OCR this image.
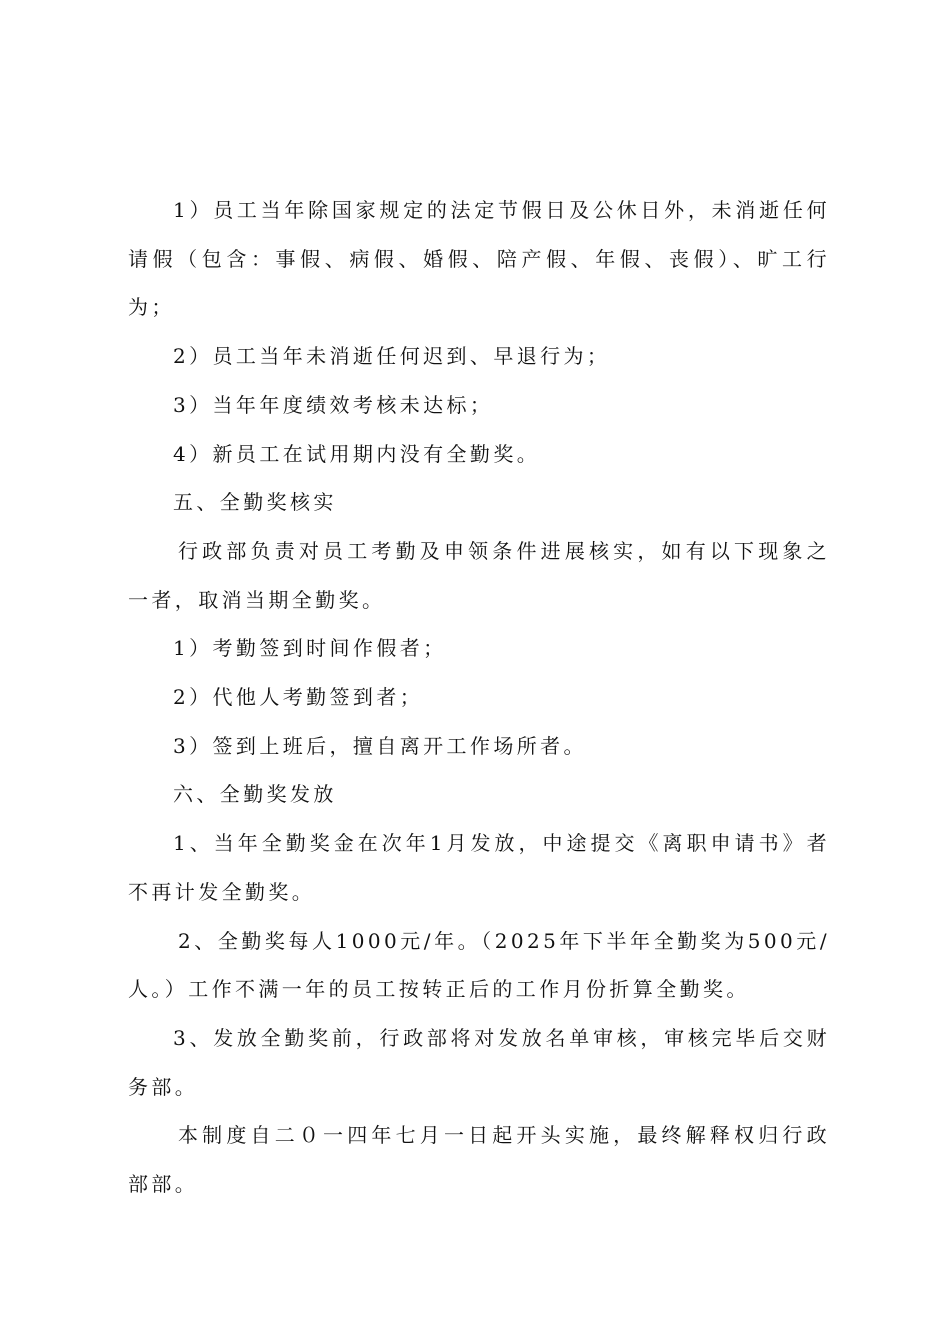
1）员工当年除国家规定的法定节假日及公休日外，未消逝任何请假（包含：事假、病假、婚假、陪产假、年假、丧假）、旷工行为；

2）员工当年未消逝任何迟到、早退行为；

3）当年年度绩效考核未达标；

4）新员工在试用期内没有全勤奖。

五、全勤奖核实

行政部负责对员工考勤及申领条件进展核实，如有以下现象之一者，取消当期全勤奖。

1）考勤签到时间作假者；

2）代他人考勤签到者；

3）签到上班后，擅自离开工作场所者。

六、全勤奖发放

1、当年全勤奖金在次年1月发放，中途提交《离职申请书》者不再计发全勤奖。

2、全勤奖每人1000元/年。（2025年下半年全勤奖为500元/人。）工作不满一年的员工按转正后的工作月份折算全勤奖。

3、发放全勤奖前，行政部将对发放名单审核，审核完毕后交财务部。

本制度自二０一四年七月一日起开头实施，最终解释权归行政部部。
